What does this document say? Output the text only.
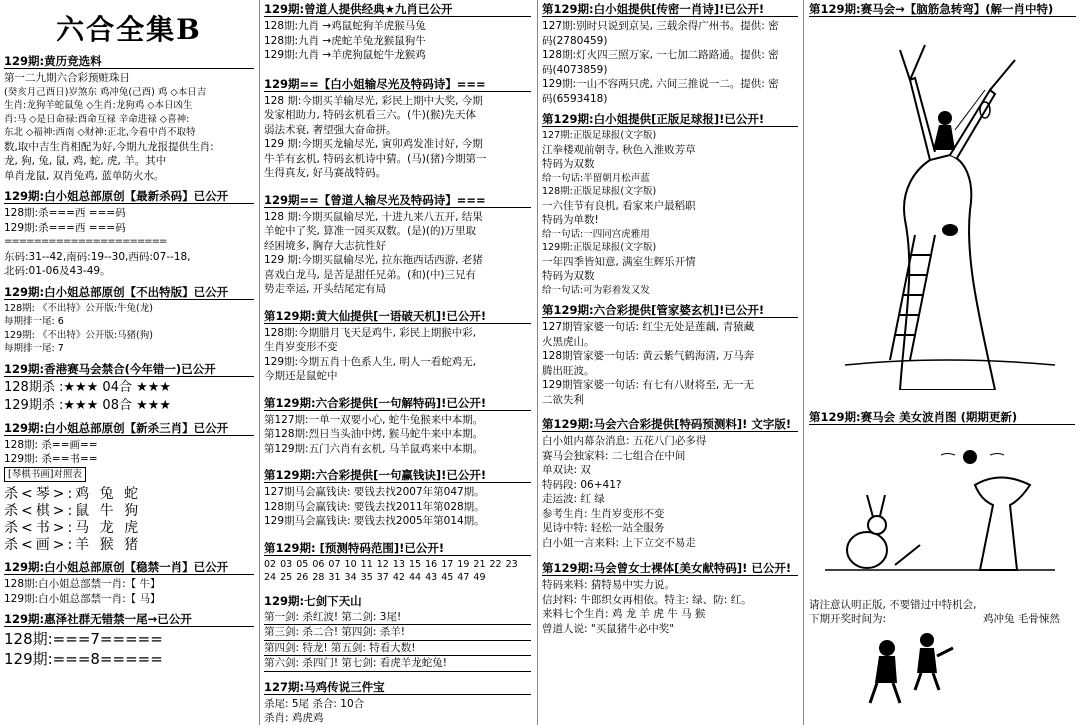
六合全集B
129期:黄历竞选料
第一二九期六合彩预赃珠日
(癸亥月己酉日)岁煞东 鸡冲兔(己酉) 鸡 ◇本日吉
生肖:龙狗羊蛇鼠兔 ◇生肖:龙狗鸡 ◇本日凶生
肖:马 ◇是日命禄:酉命互禄 辛命进禄 ◇喜神:
东北 ◇福神:西南 ◇财神:正北,今看中肖不取特
数,取中吉生肖相配为好,今期九龙报提供生肖:
龙, 狗, 兔, 鼠, 鸡, 蛇, 虎, 羊。其中
单肖龙鼠, 双肖兔鸡, 蓝单防火水。
129期:白小姐总部原创【最新杀码】已公开
128期:杀===西 ===码
129期:杀===西 ===码
======================
东码:31--42,南码:19--30,西码:07--18,
北码:01-06及43-49。
129期:白小姐总部原创【不出特版】已公开
128期: 《不出特》公开版:牛兔(龙)
每期排一尾: 6
129期: 《不出特》公开版:马猪(狗)
每期排一尾: 7
129期:香港赛马会禁合(今年错一)已公开
128期杀 :★★★ 04合 ★★★
129期杀 :★★★ 08合 ★★★
129期:白小姐总部原创【新杀三肖】已公开
128期: 杀==画==
129期: 杀==书==
[琴棋书画]对照表
杀<琴>:鸡 兔 蛇
杀<棋>:鼠 牛 狗
杀<书>:马 龙 虎
杀<画>:羊 猴 猪
129期:白小姐总部原创【稳禁一肖】已公开
128期:白小姐总部禁一肖:【 牛】
129期:白小姐总部禁一肖:【 马】
129期:惠泽社群无错禁一尾→已公开
128期:===7=====
129期:===8=====
129期:曾道人提供经典★九肖已公开
128期:九肖 →鸡鼠蛇狗羊虎猴马兔
128期:九肖 →虎蛇羊兔龙猴鼠狗牛
129期:九肖 →羊虎狗鼠蛇牛龙猴鸡
129期==【白小姐输尽光及特码诗】===
128 期:今期买羊输尽光, 彩民上期中大奖, 今期
发家相助力, 特码玄机看三六。(牛)(猴)先天体
弱法术衰, 奢望强大奋命拼。
129 期:今期买龙输尽光, 寅卯鸡发准讨好, 今期
牛羊有玄机, 特码玄机诗中猜。(马)(猪)今期第一
生得真友, 好马赛战特码。
129期==【曾道人输尽光及特码诗】===
128 期:今期买鼠输尽光, 十进九来八五开, 结果
羊蛇中了奖, 算准一园买双数。(是)(的)万里取
经困境多, 胸存大志抗性好
129 期:今期买鼠输尽光, 拉东拖西话西游, 老猪
喜戏白龙马, 是苦是甜任兄弟。(和)(中)三兄有
势走幸运, 开头结尾定有局
第129期:黄大仙提供[一语破天机]!已公开!
128期:今期腊月飞天是鸡牛, 彩民上期猴中彩,
生肖岁变形不变
129期:今期五肖十色系人生, 明人一看蛇鸡无,
今期还是鼠蛇中
第129期:六合彩提供[一句解特码]!已公开!
第127期:一单一双要小心, 蛇牛兔猴来中本期。
第128期:烈日当头油中烤, 猴马蛇牛来中本期。
第129期:五门六肖有玄机, 马羊鼠鸡来中本期。
第129期:六合彩提供[一句赢钱诀]!已公开!
127期马会赢钱诀: 要钱去找2007年第047期。
128期马会赢钱诀: 要钱去找2011年第028期。
129期马会赢钱诀: 要钱去找2005年第014期。
第129期: [预测特码范围]!已公开!
02 03 05 06 07 10 11 12 13 15 16 17 19 21 22 23 24 25 26 28 31 34 35 37 42 44 43 45 47 49
129期:七剑下天山
第一剑: 杀红波! 第二剑: 3尾!
第三剑: 杀二合! 第四剑: 杀羊!
第四剑: 特龙! 第五剑: 特看大数!
第六剑: 杀四门! 第七剑: 看虎羊龙蛇兔!
127期:马鸡传说三件宝
杀尾: 5尾 杀合: 10合
杀肖: 鸡虎鸡
第129期:白小姐提供[传密一肖诗]!已公开!
127期:别时只说到京吴, 三载余得广州书。提供: 密
码(2780459)
128期:灯火四三照万家, 一七加二路路通。提供: 密
码(4073859)
129期:一山不容两只虎, 六间三推说一二。提供: 密
码(6593418)
第129期:白小姐提供[正版足球报]!已公开!
127期:正版足球报(文字版)
江拳楼观前朝寺, 秋色入淮败芳草
特码为双数
给一句话:半留朝月松声蓝
128期:正版足球报(文字版)
一六佳节有良机, 看家来户最稻职
特码为单数!
给一句话:一四同宫虎雅用
129期:正版足球报(文字版)
一年四季皆知意, 满室生辉乐开情
特码为双数
给一句话:可为彩着发又发
第129期:六合彩提供[管家婆玄机]!已公开!
127期管家婆一句话: 红尘无处是莲藕, 青猿藏
火黑虎山。
128期管家婆一句话: 黄云紫气鹤海清, 万马奔
腾出旺波。
129期管家婆一句话: 有七有八财将至, 无一无
二欲失利
第129期:马会六合彩提供[特码预测料]! 文字版!
白小姐内幕杂消息: 五花八门必多得
赛马会独家料: 二七组合在中间
单双诀: 双
特码段: 06+41?
走运波: 红 绿
参考生肖: 生肖岁变形不变
见诗中特: 轻松一站全服务
白小姐一言来料: 上下立交不易走
第129期:马会曾女士裸体[美女献特码]! 已公开!
特码来料: 猜特易中实力说。
信封料: 牛郎织女再相依。特主: 绿、防: 红。
来料七个生肖: 鸡 龙 羊 虎 牛 马 猴
曾道人说: "买鼠猪牛必中奖"
第129期:赛马会→【脑筋急转弯】(解一肖中特)
第129期:赛马会 美女波肖图 (期期更新)
请注意认明正版, 不要错过中特机会,
下期开奖时间为:	鸡冲兔 毛骨悚然
